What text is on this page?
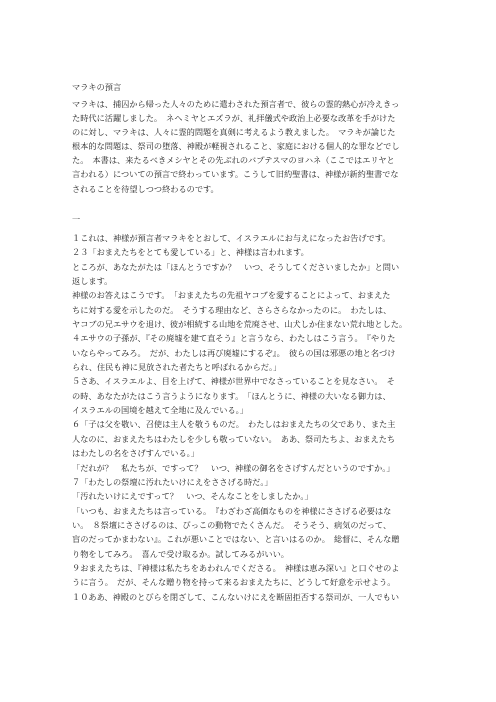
マラキの預言
マラキは、捕囚から帰った人々のために遣わされた預言者で、彼らの霊的熱心が冷えきっ
た時代に活躍しました。　ネヘミヤとエズラが、礼拝儀式や政治上必要な改革を手がけた
のに対し、マラキは、人々に霊的問題を真剣に考えるよう教えました。　マラキが論じた
根本的な問題は、祭司の堕落、神殿が軽視されること、家庭における個人的な罪などでし
た。　本書は、来たるべきメシヤとその先ぶれのバプテスマのヨハネ（ここではエリヤと
言われる）についての預言で終わっています。こうして旧約聖書は、神様が新約聖書でな
されることを待望しつつ終わるのです。
一
１これは、神様が預言者マラキをとおして、イスラエルにお与えになったお告げです。
２３「おまえたちをとても愛している」と、神様は言われます。
ところが、あなたがたは「ほんとうですか？　いつ、そうしてくださいましたか」と問い
返します。
神様のお答えはこうです。　「おまえたちの先祖ヤコブを愛することによって、おまえた
ちに対する愛を示したのだ。　そうする理由など、さらさらなかったのに。　わたしは、
ヤコブの兄エサウを退け、彼が相続する山地を荒廃させ、山犬しか住まない荒れ地とした。
４エサウの子孫が、『その廃墟を建て直そう』と言うなら、わたしはこう言う。　『やりた
いならやってみろ。　だが、わたしは再び廃墟にするぞ』。　彼らの国は邪悪の地と名づけ
られ、住民も神に見放された者たちと呼ばれるからだ。」
５さあ、イスラエルよ、目を上げて、神様が世界中でなさっていることを見なさい。　そ
の時、あなたがたはこう言うようになります。　「ほんとうに、神様の大いなる御力は、
イスラエルの国境を越えて全地に及んでいる。」
６「子は父を敬い、召使は主人を敬うものだ。　わたしはおまえたちの父であり、また主
人なのに、おまえたちはわたしを少しも敬っていない。　ああ、祭司たちよ、おまえたち
はわたしの名をさげすんでいる。」
「だれが？　私たちが、ですって？　いつ、神様の御名をさげすんだというのですか。」
７「わたしの祭壇に汚れたいけにえをささげる時だ。」
「汚れたいけにえですって？　いつ、そんなことをしましたか。」
「いつも、おまえたちは言っている。　『わざわざ高価なものを神様にささげる必要はな
い。　８祭壇にささげるのは、びっこの動物でたくさんだ。　そうそう、病気のだって、
盲のだってかまわない』。これが悪いことではない、と言いはるのか。　総督に、そんな贈
り物をしてみろ。　喜んで受け取るか。試してみるがいい。
９おまえたちは、『神様は私たちをあわれんでくださる。　神様は恵み深い』と口ぐせのよ
うに言う。　だが、そんな贈り物を持って来るおまえたちに、どうして好意を示せよう。
１０ああ、神殿のとびらを閉ざして、こんないけにえを断固拒否する祭司が、一人でもい
